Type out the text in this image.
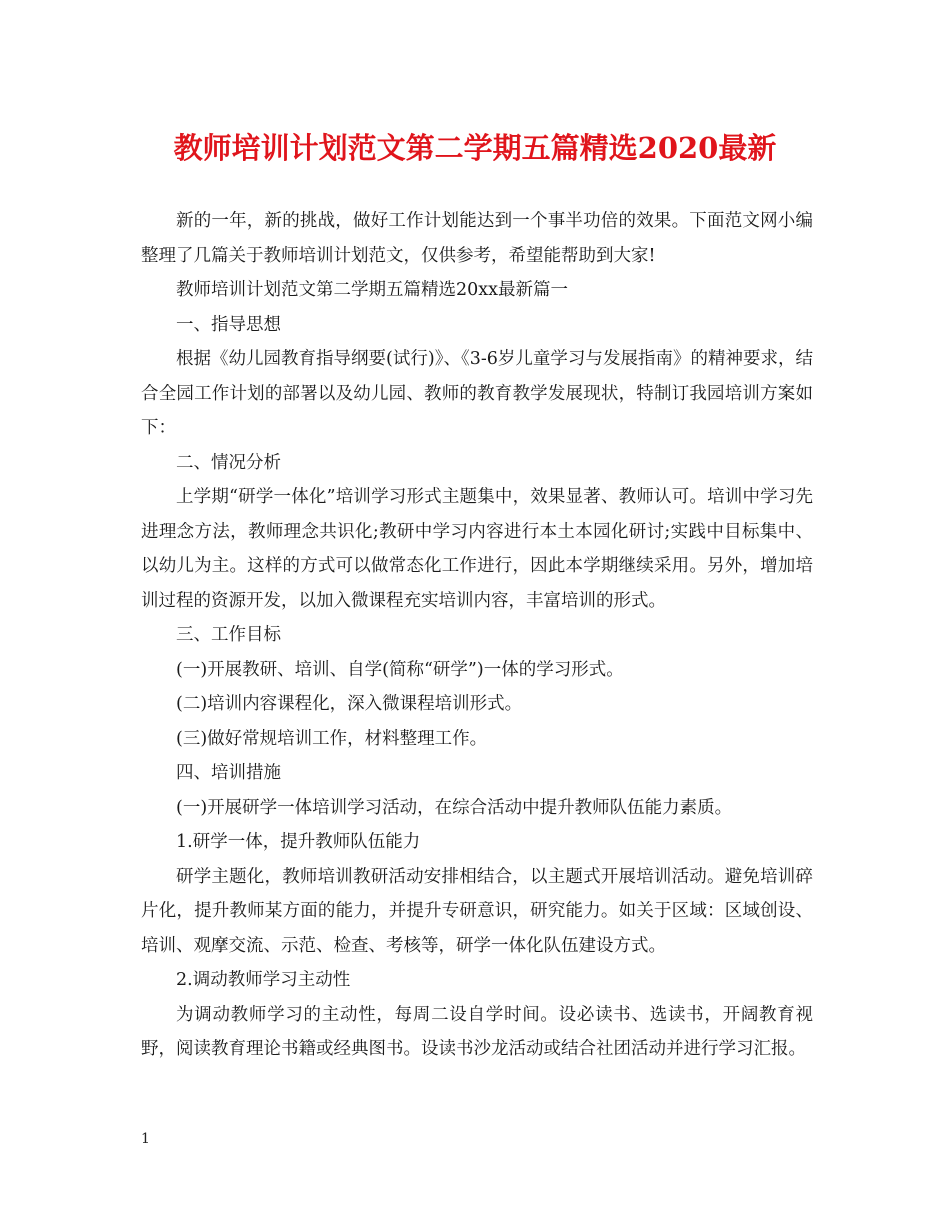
教师培训计划范文第二学期五篇精选2020最新

新的一年，新的挑战，做好工作计划能达到一个事半功倍的效果。下面范文网小编整理了几篇关于教师培训计划范文，仅供参考，希望能帮助到大家!

教师培训计划范文第二学期五篇精选20xx最新篇一

一、指导思想

根据《幼儿园教育指导纲要(试行)》、《3-6岁儿童学习与发展指南》的精神要求，结合全园工作计划的部署以及幼儿园、教师的教育教学发展现状，特制订我园培训方案如下：

二、情况分析

上学期“研学一体化”培训学习形式主题集中，效果显著、教师认可。培训中学习先进理念方法，教师理念共识化;教研中学习内容进行本土本园化研讨;实践中目标集中、以幼儿为主。这样的方式可以做常态化工作进行，因此本学期继续采用。另外，增加培训过程的资源开发，以加入微课程充实培训内容，丰富培训的形式。

三、工作目标

(一)开展教研、培训、自学(简称“研学”)一体的学习形式。

(二)培训内容课程化，深入微课程培训形式。

(三)做好常规培训工作，材料整理工作。

四、培训措施

(一)开展研学一体培训学习活动，在综合活动中提升教师队伍能力素质。

1.研学一体，提升教师队伍能力

研学主题化，教师培训教研活动安排相结合，以主题式开展培训活动。避免培训碎片化，提升教师某方面的能力，并提升专研意识，研究能力。如关于区域：区域创设、培训、观摩交流、示范、检查、考核等，研学一体化队伍建设方式。

2.调动教师学习主动性

为调动教师学习的主动性，每周二设自学时间。设必读书、选读书，开阔教育视野，阅读教育理论书籍或经典图书。设读书沙龙活动或结合社团活动并进行学习汇报。

1
